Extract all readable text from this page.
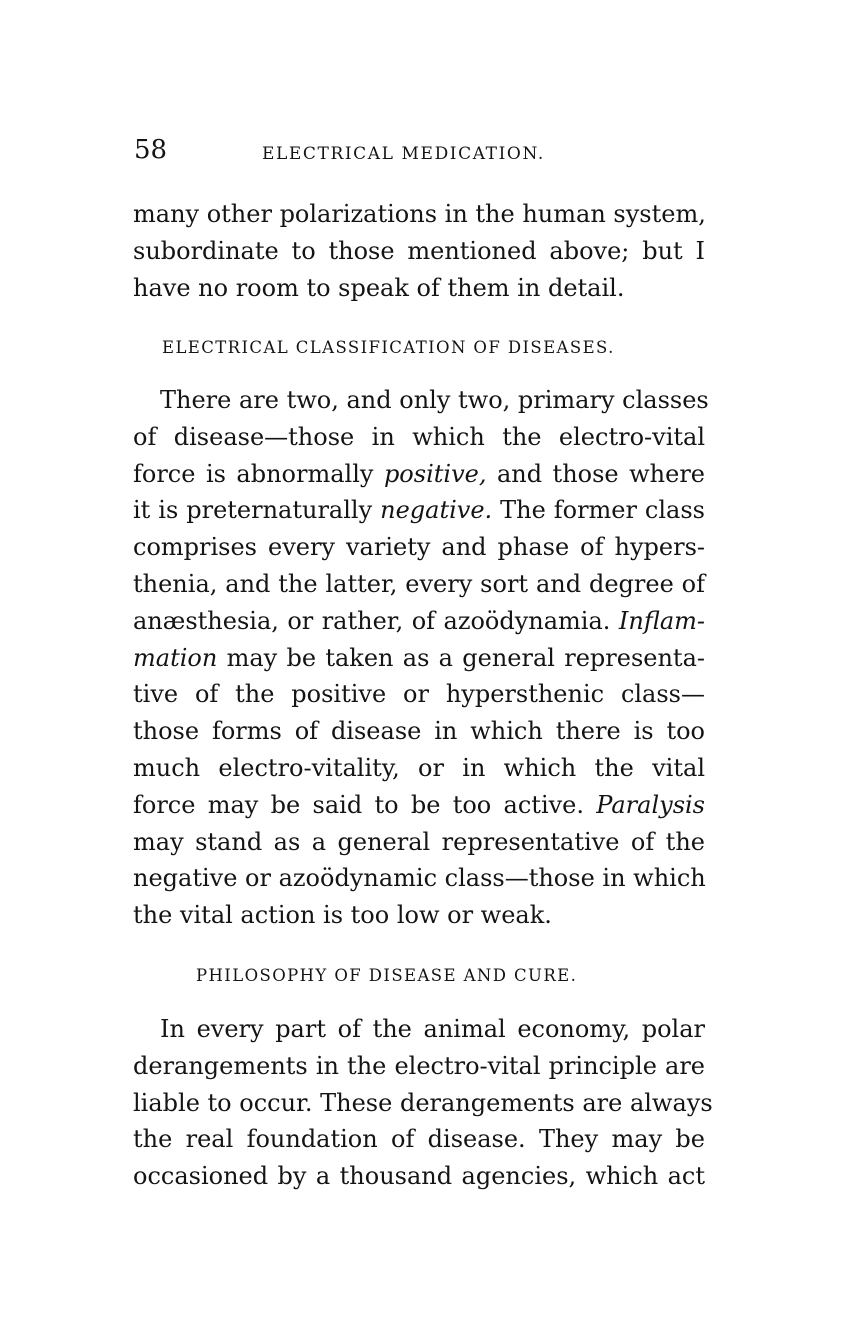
58	ELECTRICAL MEDICATION.
many other polarizations in the human system,
subordinate to those mentioned above; but I
have no room to speak of them in detail.
ELECTRICAL CLASSIFICATION OF DISEASES.
There are two, and only two, primary classes
of disease—those in which the electro-vital
force is abnormally positive, and those where
it is preternaturally negative. The former class
comprises every variety and phase of hypers-
thenia, and the latter, every sort and degree of
anæsthesia, or rather, of azoödynamia. Inflam-
mation may be taken as a general representa-
tive of the positive or hypersthenic class—
those forms of disease in which there is too
much electro-vitality, or in which the vital
force may be said to be too active. Paralysis
may stand as a general representative of the
negative or azoödynamic class—those in which
the vital action is too low or weak.
PHILOSOPHY OF DISEASE AND CURE.
In every part of the animal economy, polar
derangements in the electro-vital principle are
liable to occur. These derangements are always
the real foundation of disease. They may be
occasioned by a thousand agencies, which act
